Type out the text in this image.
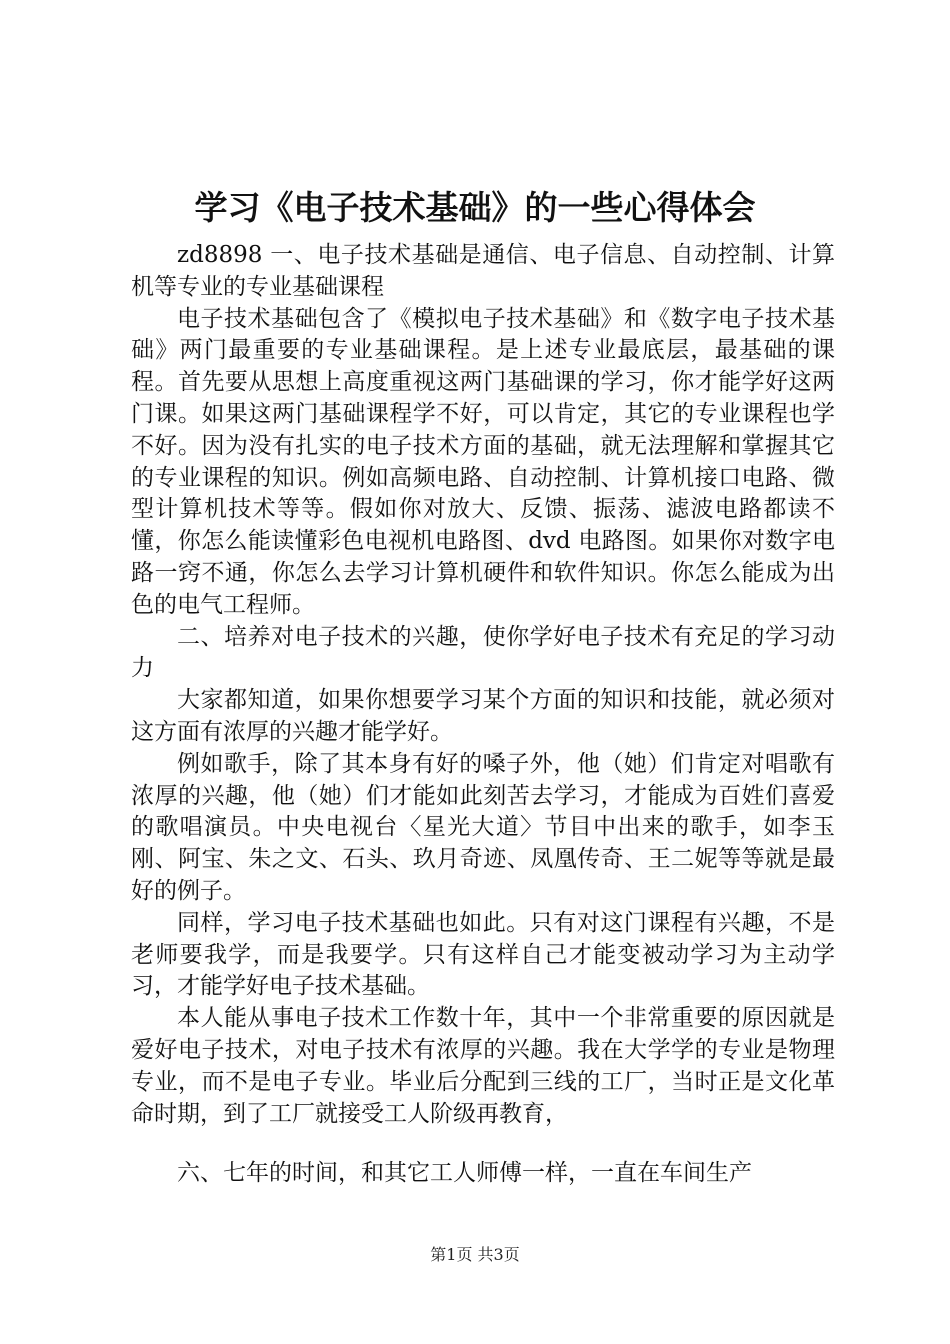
学习《电子技术基础》的一些心得体会

zd8898 一、电子技术基础是通信、电子信息、自动控制、计算机等专业的专业基础课程

电子技术基础包含了《模拟电子技术基础》和《数字电子技术基础》两门最重要的专业基础课程。是上述专业最底层，最基础的课程。首先要从思想上高度重视这两门基础课的学习，你才能学好这两门课。如果这两门基础课程学不好，可以肯定，其它的专业课程也学不好。因为没有扎实的电子技术方面的基础，就无法理解和掌握其它的专业课程的知识。例如高频电路、自动控制、计算机接口电路、微型计算机技术等等。假如你对放大、反馈、振荡、滤波电路都读不懂，你怎么能读懂彩色电视机电路图、dvd 电路图。如果你对数字电路一窍不通，你怎么去学习计算机硬件和软件知识。你怎么能成为出色的电气工程师。

二、培养对电子技术的兴趣，使你学好电子技术有充足的学习动力

大家都知道，如果你想要学习某个方面的知识和技能，就必须对这方面有浓厚的兴趣才能学好。

例如歌手，除了其本身有好的嗓子外，他（她）们肯定对唱歌有浓厚的兴趣，他（她）们才能如此刻苦去学习，才能成为百姓们喜爱的歌唱演员。中央电视台〈星光大道〉节目中出来的歌手，如李玉刚、阿宝、朱之文、石头、玖月奇迹、凤凰传奇、王二妮等等就是最好的例子。

同样，学习电子技术基础也如此。只有对这门课程有兴趣，不是老师要我学，而是我要学。只有这样自己才能变被动学习为主动学习，才能学好电子技术基础。

本人能从事电子技术工作数十年，其中一个非常重要的原因就是爱好电子技术，对电子技术有浓厚的兴趣。我在大学学的专业是物理专业，而不是电子专业。毕业后分配到三线的工厂，当时正是文化革命时期，到了工厂就接受工人阶级再教育，

六、七年的时间，和其它工人师傅一样，一直在车间生产

第1页 共3页
